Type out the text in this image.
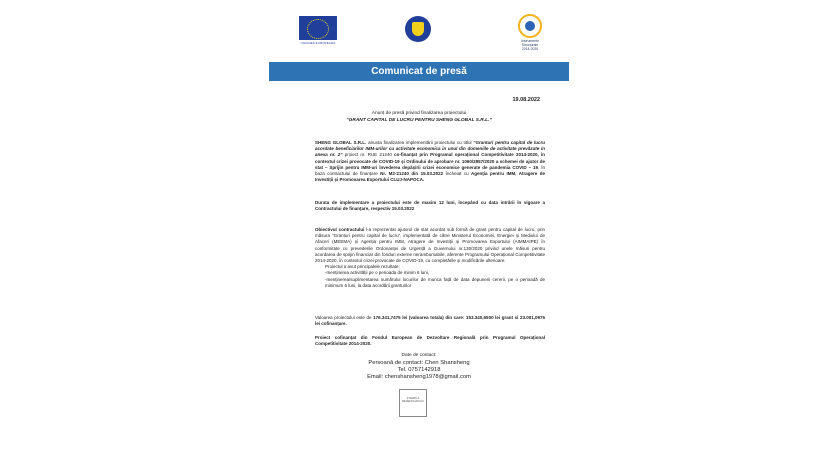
UNIUNEA EUROPEANĂ	Instrumente Structurale
2014-2020
Comunicat de presă
19.08.2022
Anunț de presă privind finalizarea proiectului
“GRANT CAPITAL DE LUCRU PENTRU SHENG GLOBAL S.R.L.”
SHENG GLOBAL S.R.L. anunta finalizarea implementării proiectului cu titlul “Granturi pentru capital de lucru acordate beneficiarilor IMM-urilor cu activitate economica in unul din domeniile de activitate prevăzute in anexa nr. 2” proiect nr. RUE 21240 co-finanțat prin Programul operațional Competitivitate 2014-2020, în contextul crizei provocate de COVID-19 și Ordinului de aprobare nr. 1060/2857/2020 a schemei de ajutor de stat – Sprijin pentru IMM-uri învederea depășirii crizei economice generate de pandemia COVID – 19, în baza contractului de finanțare Nr. M2-21240 din 15.03.2022 încheiat cu Agenția pentru IMM, Atragere de Investiții și Promovarea Exportului CLUJ-NAPOCA.
Durata de implementare a proiectului este de maxim 12 luni, începând cu data intrării în vigoare a Contractului de finanțare, respectiv 15.03.2022
Obiectivul contractului l-a reprezentat ajutorul de stat acordat sub formă de grant pentru capital de lucru, prin măsura “Granturi pentru capital de lucru”, implementată de către Ministerul Economiei, Energiei și Mediului de Afaceri (MEEMA) și Agenția pentru IMM, Atragere de Investiții și Promovarea Exportului (AIMMAIPE) în conformitate cu prevederile Ordonanței de Urgență a Guvernului nr.130/2020 privind unele măsuri pentru acordarea de sprijin financiar din fonduri externe nerambursabile, aferente Programului Operațional Competitivitate 2014-2020, în contextul crizei provocate de COVID-19, cu completările și modificările ulterioare.
Proiectul a avut principalele rezultate:
-menținerea activității pe o perioada de minim 6 luni,
-menținerea/suplimentarea numărului locurilor de munca față de data depunerii cererii, pe o perioadă de minimum 6 luni, la data acordării granturilor
Valoarea proiectului este de 176.341,7475 lei (valoarea totala) din care: 153.340,6500 lei grant si 23.001,0975 lei cofinanțare.
Proiect cofinanțat din Fondul European de Dezvoltare Regională prin Programul Operațional Competitivitate 2014-2020.
Date de contact:
Persoană de contact: Chen Shansheng
Tel. 0757142918
Email: chenshansheng1978@gmail.com
ŞTAMPILA BENEFICIARULUI
